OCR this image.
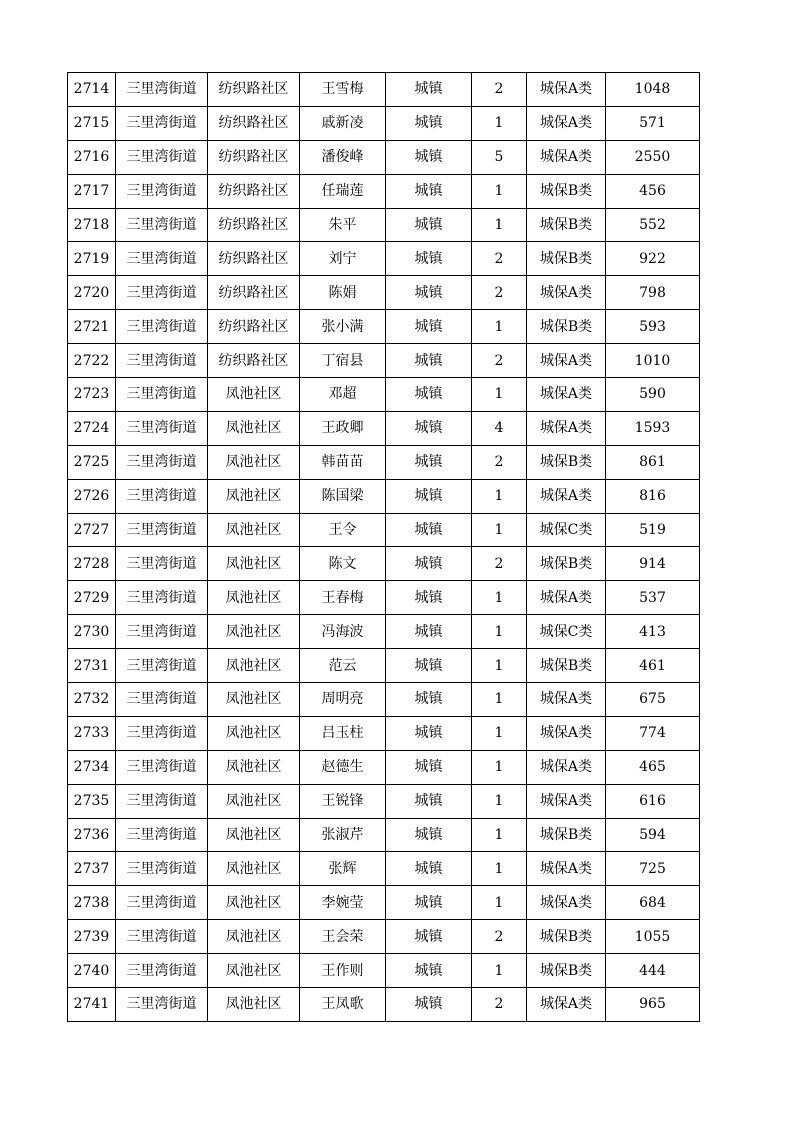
2714	三里湾街道	纺织路社区	王雪梅	城镇	2	城保A类	1048
2715	三里湾街道	纺织路社区	戚新凌	城镇	1	城保A类	571
2716	三里湾街道	纺织路社区	潘俊峰	城镇	5	城保A类	2550
2717	三里湾街道	纺织路社区	任瑞莲	城镇	1	城保B类	456
2718	三里湾街道	纺织路社区	朱平	城镇	1	城保B类	552
2719	三里湾街道	纺织路社区	刘宁	城镇	2	城保B类	922
2720	三里湾街道	纺织路社区	陈娟	城镇	2	城保A类	798
2721	三里湾街道	纺织路社区	张小满	城镇	1	城保B类	593
2722	三里湾街道	纺织路社区	丁宿县	城镇	2	城保A类	1010
2723	三里湾街道	凤池社区	邓超	城镇	1	城保A类	590
2724	三里湾街道	凤池社区	王政卿	城镇	4	城保A类	1593
2725	三里湾街道	凤池社区	韩苗苗	城镇	2	城保B类	861
2726	三里湾街道	凤池社区	陈国梁	城镇	1	城保A类	816
2727	三里湾街道	凤池社区	王令	城镇	1	城保C类	519
2728	三里湾街道	凤池社区	陈文	城镇	2	城保B类	914
2729	三里湾街道	凤池社区	王春梅	城镇	1	城保A类	537
2730	三里湾街道	凤池社区	冯海波	城镇	1	城保C类	413
2731	三里湾街道	凤池社区	范云	城镇	1	城保B类	461
2732	三里湾街道	凤池社区	周明亮	城镇	1	城保A类	675
2733	三里湾街道	凤池社区	吕玉柱	城镇	1	城保A类	774
2734	三里湾街道	凤池社区	赵德生	城镇	1	城保A类	465
2735	三里湾街道	凤池社区	王锐锋	城镇	1	城保A类	616
2736	三里湾街道	凤池社区	张淑芹	城镇	1	城保B类	594
2737	三里湾街道	凤池社区	张辉	城镇	1	城保A类	725
2738	三里湾街道	凤池社区	李婉莹	城镇	1	城保A类	684
2739	三里湾街道	凤池社区	王会荣	城镇	2	城保B类	1055
2740	三里湾街道	凤池社区	王作则	城镇	1	城保B类	444
2741	三里湾街道	凤池社区	王凤歌	城镇	2	城保A类	965
